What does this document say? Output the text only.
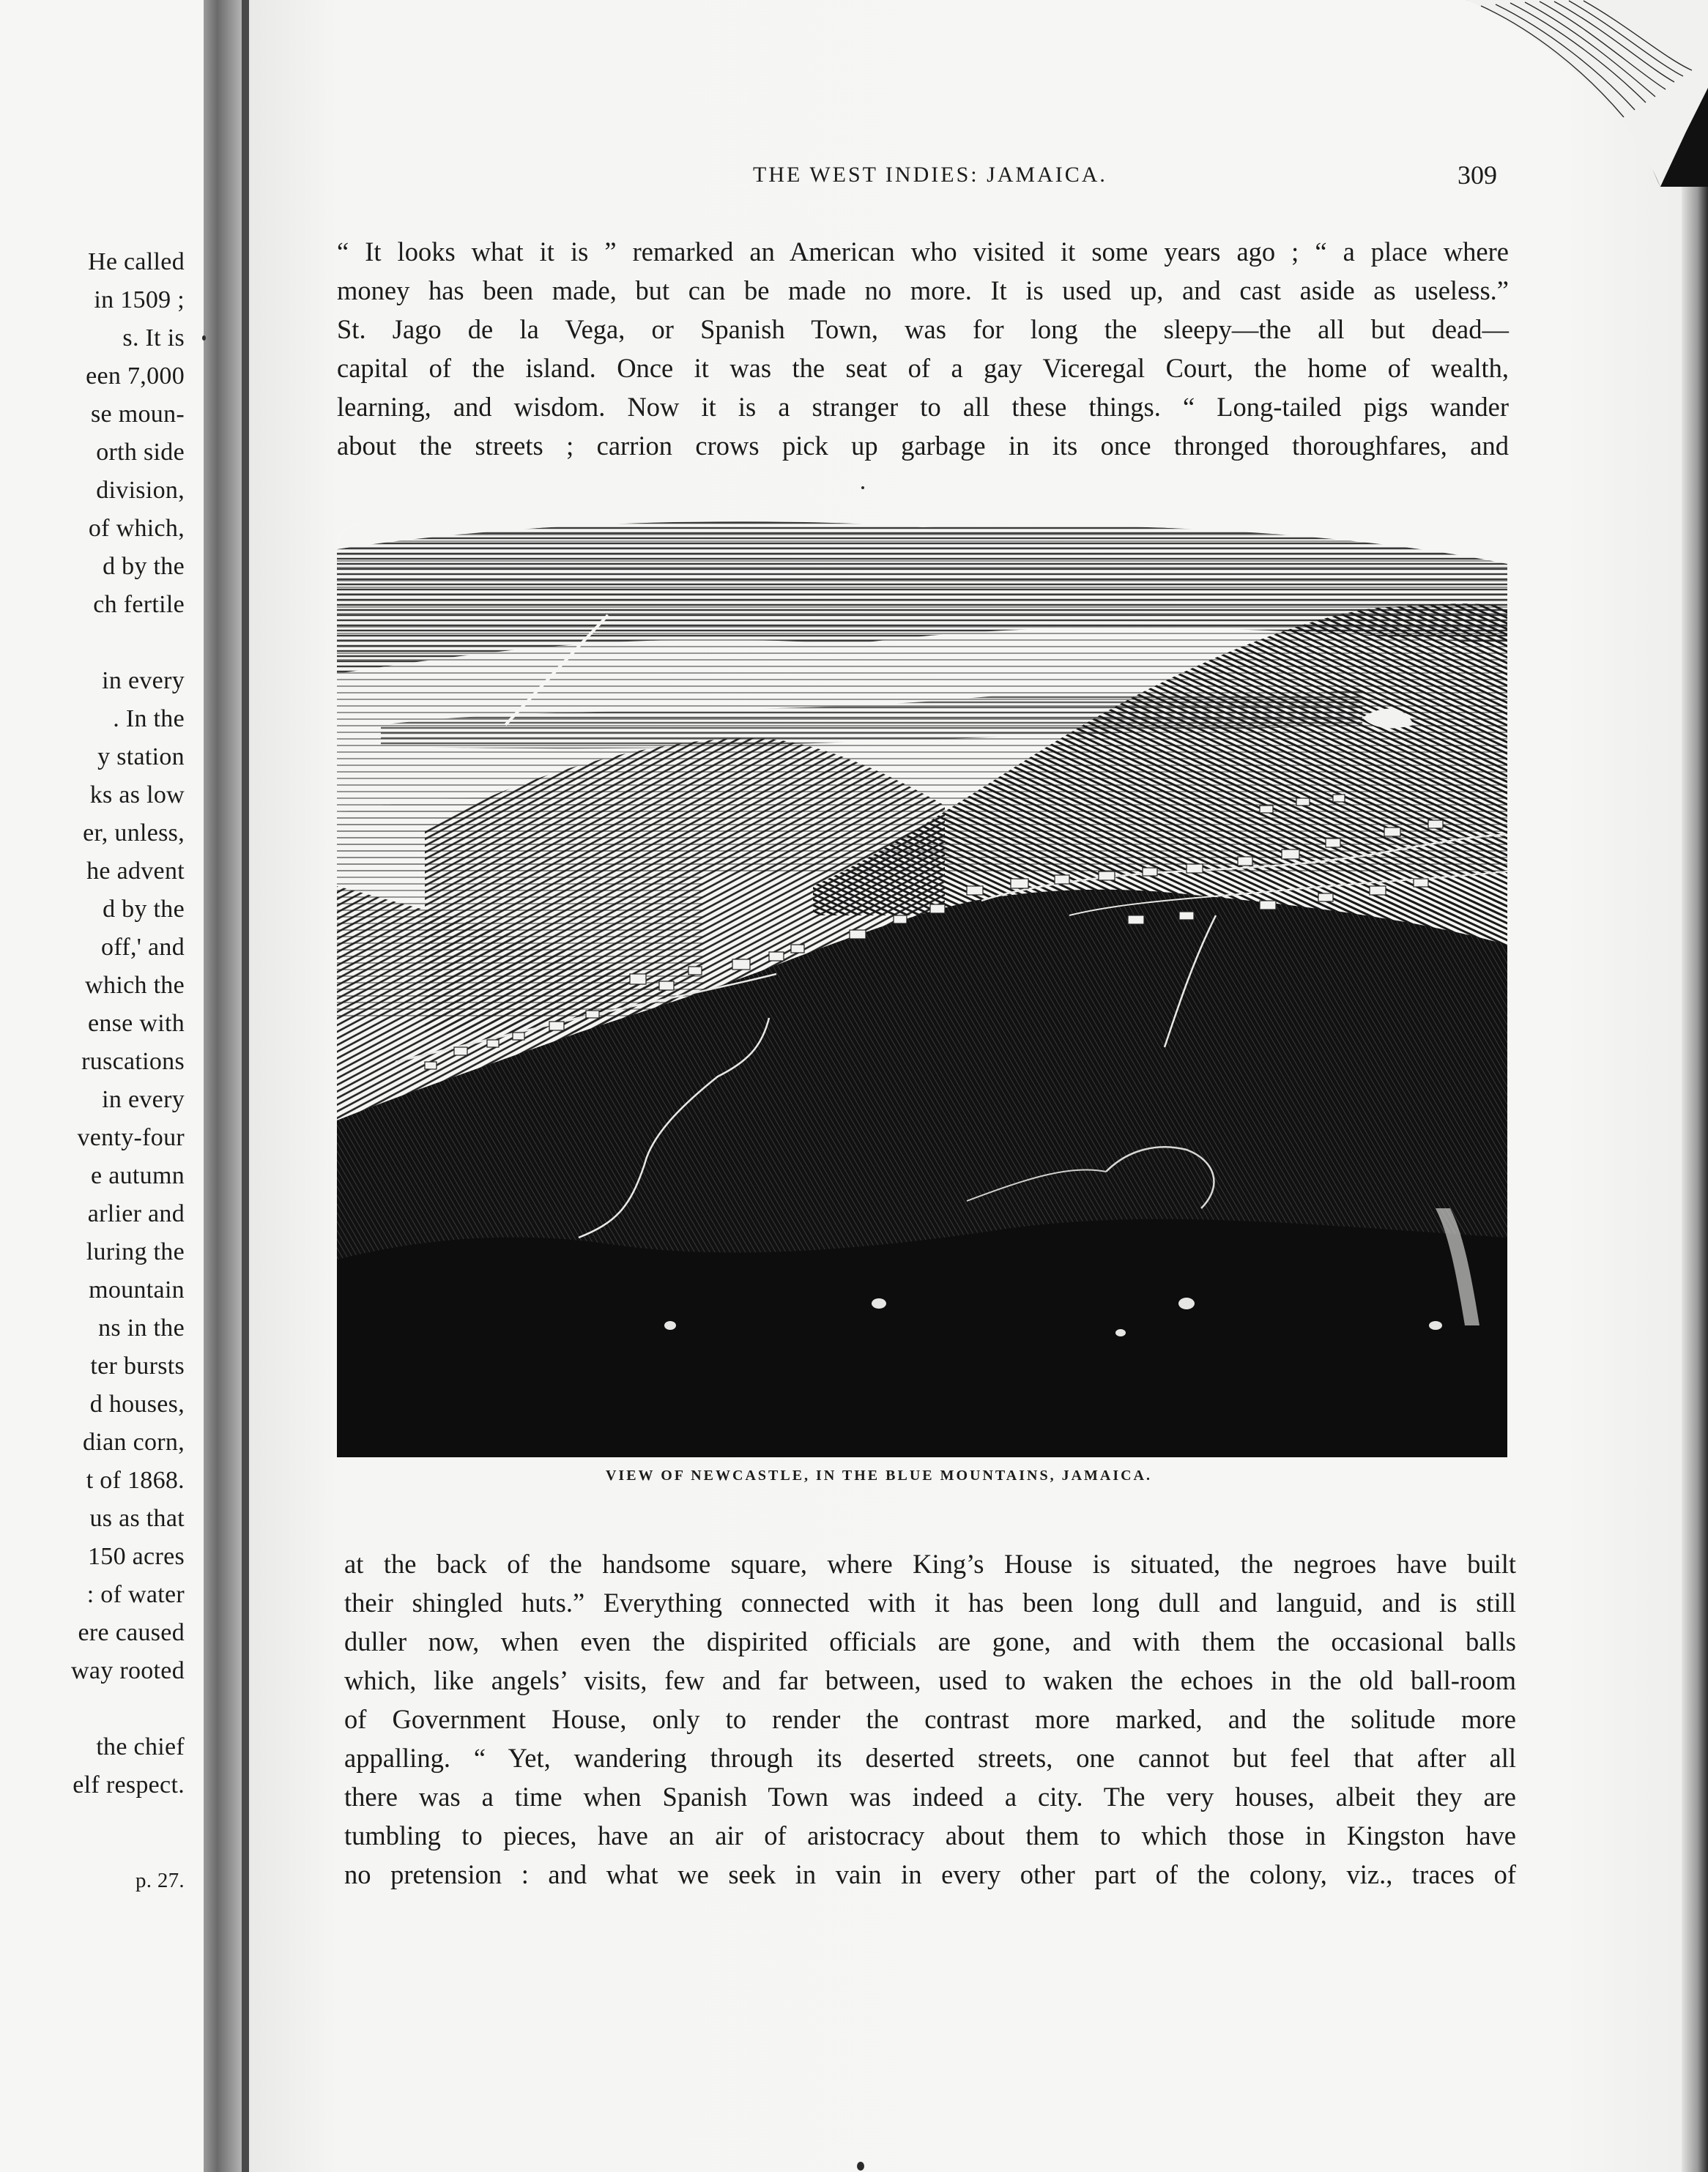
He called
in 1509 ;
s. It is
een 7,000
se moun-
orth side
division,
of which,
d by the
ch fertile
in every
. In the
y station
ks as low
er, unless,
he advent
d by the
off,' and
which the
ense with
ruscations
in every
venty-four
e autumn
arlier and
luring the
mountain
ns in the
ter bursts
d houses,
dian corn,
t of 1868.
us as that
150 acres
: of water
ere caused
way rooted
the chief
elf respect.
p. 27.
THE WEST INDIES: JAMAICA.	309
“ It looks what it is ” remarked an American who visited it some years ago ; “ a place where
money has been made, but can be made no more. It is used up, and cast aside as useless.”
St. Jago de la Vega, or Spanish Town, was for long the sleepy—the all but dead—
capital of the island. Once it was the seat of a gay Viceregal Court, the home of wealth,
learning, and wisdom. Now it is a stranger to all these things. “ Long-tailed pigs wander
about the streets ; carrion crows pick up garbage in its once thronged thoroughfares, and
VIEW OF NEWCASTLE, IN THE BLUE MOUNTAINS, JAMAICA.
at the back of the handsome square, where King’s House is situated, the negroes have built
their shingled huts.” Everything connected with it has been long dull and languid, and is still
duller now, when even the dispirited officials are gone, and with them the occasional balls
which, like angels’ visits, few and far between, used to waken the echoes in the old ball-room
of Government House, only to render the contrast more marked, and the solitude more
appalling. “ Yet, wandering through its deserted streets, one cannot but feel that after all
there was a time when Spanish Town was indeed a city. The very houses, albeit they are
tumbling to pieces, have an air of aristocracy about them to which those in Kingston have
no pretension : and what we seek in vain in every other part of the colony, viz., traces of
